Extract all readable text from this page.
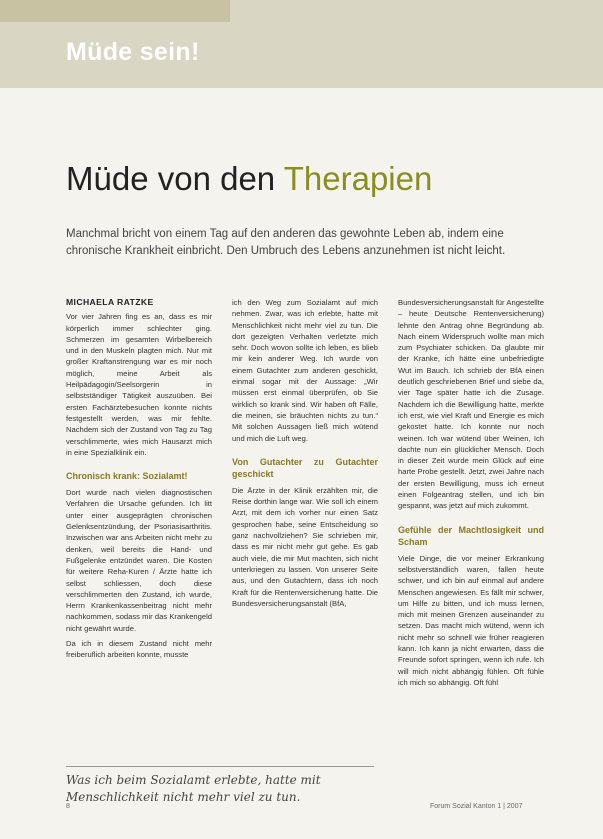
Müde sein!
Müde von den Therapien
Manchmal bricht von einem Tag auf den anderen das gewohnte Leben ab, indem eine chronische Krankheit einbricht. Den Umbruch des Lebens anzunehmen ist nicht leicht.
MICHAELA RATZKE

Vor vier Jahren fing es an, dass es mir körperlich immer schlechter ging. Schmerzen im gesamten Wirbelbereich und in den Muskeln plagten mich. Nur mit großer Kraftanstrengung war es mir noch möglich, meine Arbeit als Heilpädagogin/Seelsorgerin in selbstständiger Tätigkeit auszuüben. Bei ersten Fachärztebesuchen konnte nichts festgestellt werden, was mir fehlte. Nachdem sich der Zustand von Tag zu Tag verschlimmerte, wies mich Hausarzt mich in eine Spezialklinik ein.

Chronisch krank: Sozialamt!

Dort wurde nach vielen diagnostischen Verfahren die Ursache gefunden. Ich litt unter einer ausgeprägten chronischen Gelenksentzündung, der Psoriasisarthritis. Inzwischen war ans Arbeiten nicht mehr zu denken, weil bereits die Hand- und Fußgelenke entzündet waren. Die Kosten für weitere Reha-Kuren / Ärzte hatte ich selbst schliessen, doch diese verschlimmerten den Zustand, ich wurde, Herrn Krankenkassenbeitrag nicht mehr nachkommen, sodass mir das Krankengeld nicht gewährt wurde.

Da ich in diesem Zustand nicht mehr freiberuflich arbeiten konnte, musste

ich den Weg zum Sozialamt auf mich nehmen. Zwar, was ich erlebte, hatte mit Menschlichkeit nicht mehr viel zu tun. Die dort gezeigten Verhalten verletzte mich sehr. Doch wovon sollte ich leben, es blieb mir kein anderer Weg. Ich wurde von einem Gutachter zum anderen geschickt, einmal sogar mit der Aussage: „Wir müssen erst einmal überprüfen, ob Sie wirklich so krank sind. Wir haben oft Fälle, die meinen, sie bräuchten nichts zu tun.“ Mit solchen Aussagen ließ mich wütend und mich die Luft weg.

Von Gutachter zu Gutachter geschickt

Die Ärzte in der Klinik erzählten mir, die Reise dorthin lange war. Wie soll ich einem Arzt, mit dem ich vorher nur einen Satz gesprochen habe, seine Entscheidung so ganz nachvollziehen? Sie schrieben mir, dass es mir nicht mehr gut gehe. Es gab auch viele, die mir Mut machten, sich nicht unterkriegen zu lassen. Von unserer Seite aus, und den Gutachtern, dass ich noch Kraft für die Rentenversicherung hatte. Die Bundesversicherungsanstalt (BfA,

Bundesversicherungsanstalt für Angestellte – heute Deutsche Rentenversicherung) lehnte den Antrag ohne Begründung ab. Nach einem Widerspruch wollte man mich zum Psychiater schicken. Da glaubte mir der Kranke, ich hätte eine unbefriedigte Wut im Bauch. Ich schrieb der BfA einen deutlich geschriebenen Brief und siebe da, vier Tage später hatte ich die Zusage. Nachdem ich die Bewilligung hatte, merkte ich erst, wie viel Kraft und Energie es mich gekostet hatte. Ich konnte nur noch weinen. Ich war wütend über Weinen, Ich dachte nun ein glücklicher Mensch. Doch in dieser Zeit wurde mein Glück auf eine harte Probe gestellt. Jetzt, zwei Jahre nach der ersten Bewilligung, muss ich erneut einen Folgeantrag stellen, und ich bin gespannt, was jetzt auf mich zukommt.

Gefühle der Machtlosigkeit und Scham

Viele Dinge, die vor meiner Erkrankung selbstverständlich waren, fallen heute schwer, und ich bin auf einmal auf andere Menschen angewiesen. Es fällt mir schwer, um Hilfe zu bitten, und ich muss lernen, mich mit meinen Grenzen auseinander zu setzen. Das macht mich wütend, wenn ich nicht mehr so schnell wie früher reagieren kann. Ich kann ja nicht erwarten, dass die Freunde sofort springen, wenn ich rufe. Ich will mich nicht abhängig fühlen. Oft fühle ich mich so abhängig. Oft fühl

Was ich beim Sozialamt erlebte, hatte mit Menschlichkeit nicht mehr viel zu tun.
8	Forum Sozial Kanton 1 | 2007
